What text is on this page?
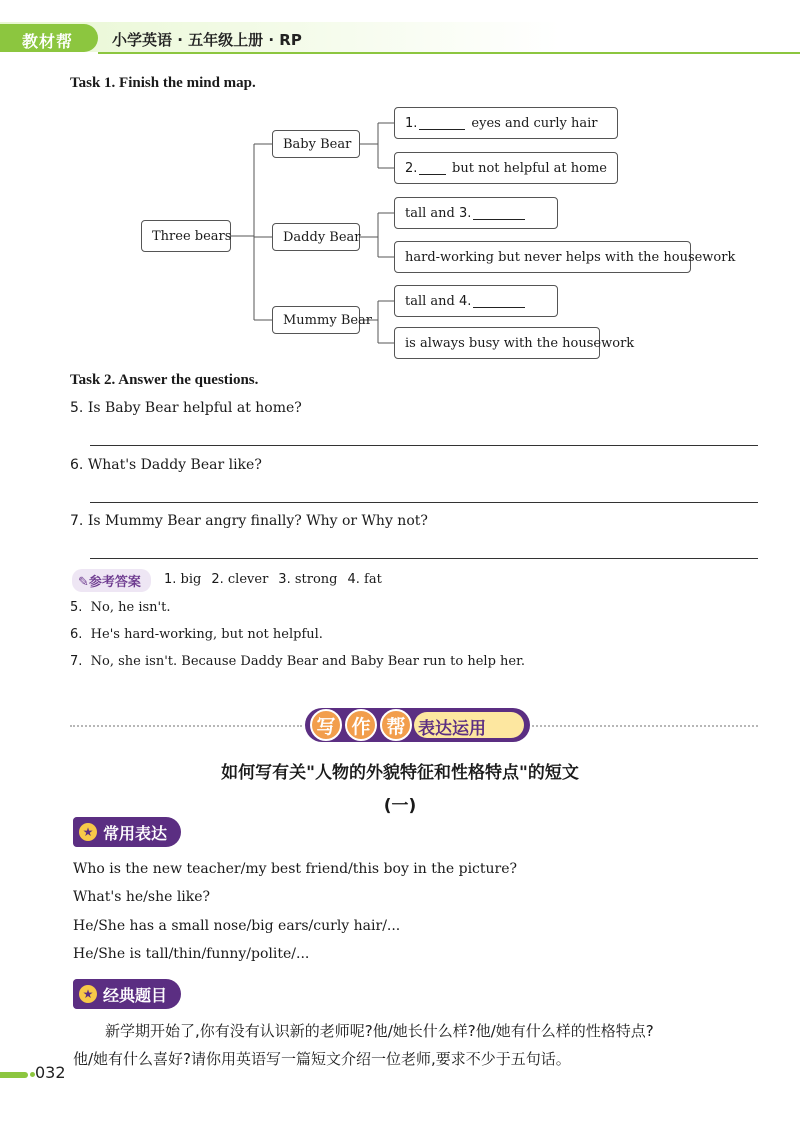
教材帮	小学英语 · 五年级上册 · RP
Task 1. Finish the mind map.
Three bears
Baby Bear
Daddy Bear
Mummy Bear
1.	eyes and curly hair
2.	but not helpful at home
tall and
3.
hard-working but never helps with the housework
tall and
4.
is always busy with the housework
Task 2. Answer the questions.
5. Is Baby Bear helpful at home?
6. What's Daddy Bear like?
7. Is Mummy Bear angry finally? Why or Why not?
✎参考答案	1. big 2. clever 3. strong 4. fat
5. No, he isn't.
6. He's hard-working, but not helpful.
7. No, she isn't. Because Daddy Bear and Baby Bear run to help her.
写 作 帮 表达运用
如何写有关"人物的外貌特征和性格特点"的短文
(一)
★ 常用表达
Who is the new teacher/my best friend/this boy in the picture?
What's he/she like?
He/She has a small nose/big ears/curly hair/...
He/She is tall/thin/funny/polite/...
★ 经典题目
新学期开始了,你有没有认识新的老师呢?他/她长什么样?他/她有什么样的性格特点?
他/她有什么喜好?请你用英语写一篇短文介绍一位老师,要求不少于五句话。
032
